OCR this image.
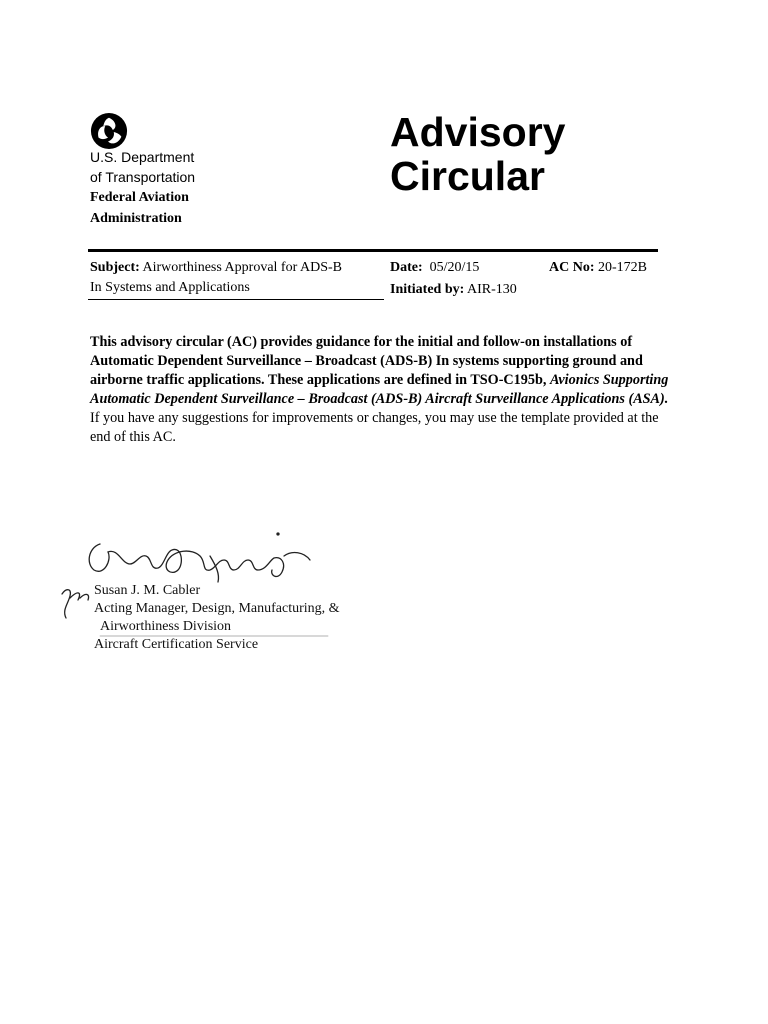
U.S. Department
of Transportation
Federal Aviation
Administration
Advisory
Circular
Subject: Airworthiness Approval for ADS-B
In Systems and Applications
Date: 05/20/15
Initiated by: AIR-130
AC No: 20-172B
This advisory circular (AC) provides guidance for the initial and follow-on installations of Automatic Dependent Surveillance – Broadcast (ADS-B) In systems supporting ground and airborne traffic applications. These applications are defined in TSO-C195b, Avionics Supporting Automatic Dependent Surveillance – Broadcast (ADS-B) Aircraft Surveillance Applications (ASA). If you have any suggestions for improvements or changes, you may use the template provided at the end of this AC.
Susan J. M. Cabler
Acting Manager, Design, Manufacturing, &
Airworthiness Division
Aircraft Certification Service
